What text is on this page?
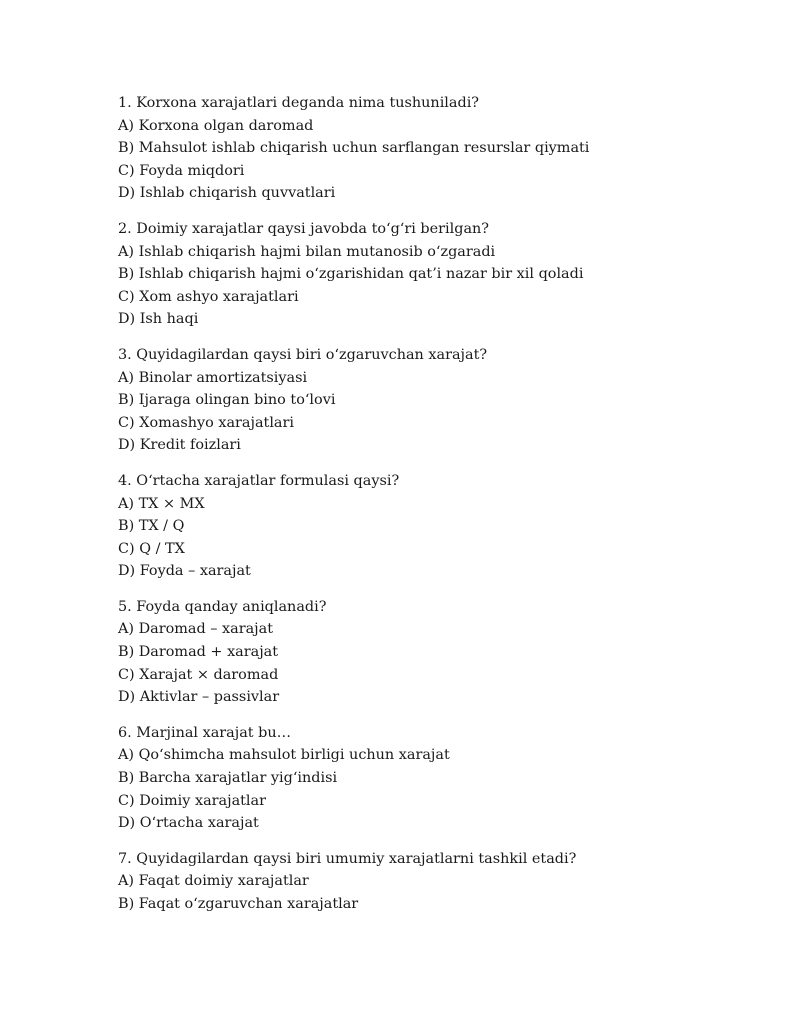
1. Korxona xarajatlari deganda nima tushuniladi?
A) Korxona olgan daromad
B) Mahsulot ishlab chiqarish uchun sarflangan resurslar qiymati
C) Foyda miqdori
D) Ishlab chiqarish quvvatlari
2. Doimiy xarajatlar qaysi javobda to‘g‘ri berilgan?
A) Ishlab chiqarish hajmi bilan mutanosib o‘zgaradi
B) Ishlab chiqarish hajmi o‘zgarishidan qat’i nazar bir xil qoladi
C) Xom ashyo xarajatlari
D) Ish haqi
3. Quyidagilardan qaysi biri o‘zgaruvchan xarajat?
A) Binolar amortizatsiyasi
B) Ijaraga olingan bino to‘lovi
C) Xomashyo xarajatlari
D) Kredit foizlari
4. O‘rtacha xarajatlar formulasi qaysi?
A) TX × MX
B) TX / Q
C) Q / TX
D) Foyda – xarajat
5. Foyda qanday aniqlanadi?
A) Daromad – xarajat
B) Daromad + xarajat
C) Xarajat × daromad
D) Aktivlar – passivlar
6. Marjinal xarajat bu…
A) Qo‘shimcha mahsulot birligi uchun xarajat
B) Barcha xarajatlar yig‘indisi
C) Doimiy xarajatlar
D) O‘rtacha xarajat
7. Quyidagilardan qaysi biri umumiy xarajatlarni tashkil etadi?
A) Faqat doimiy xarajatlar
B) Faqat o‘zgaruvchan xarajatlar
